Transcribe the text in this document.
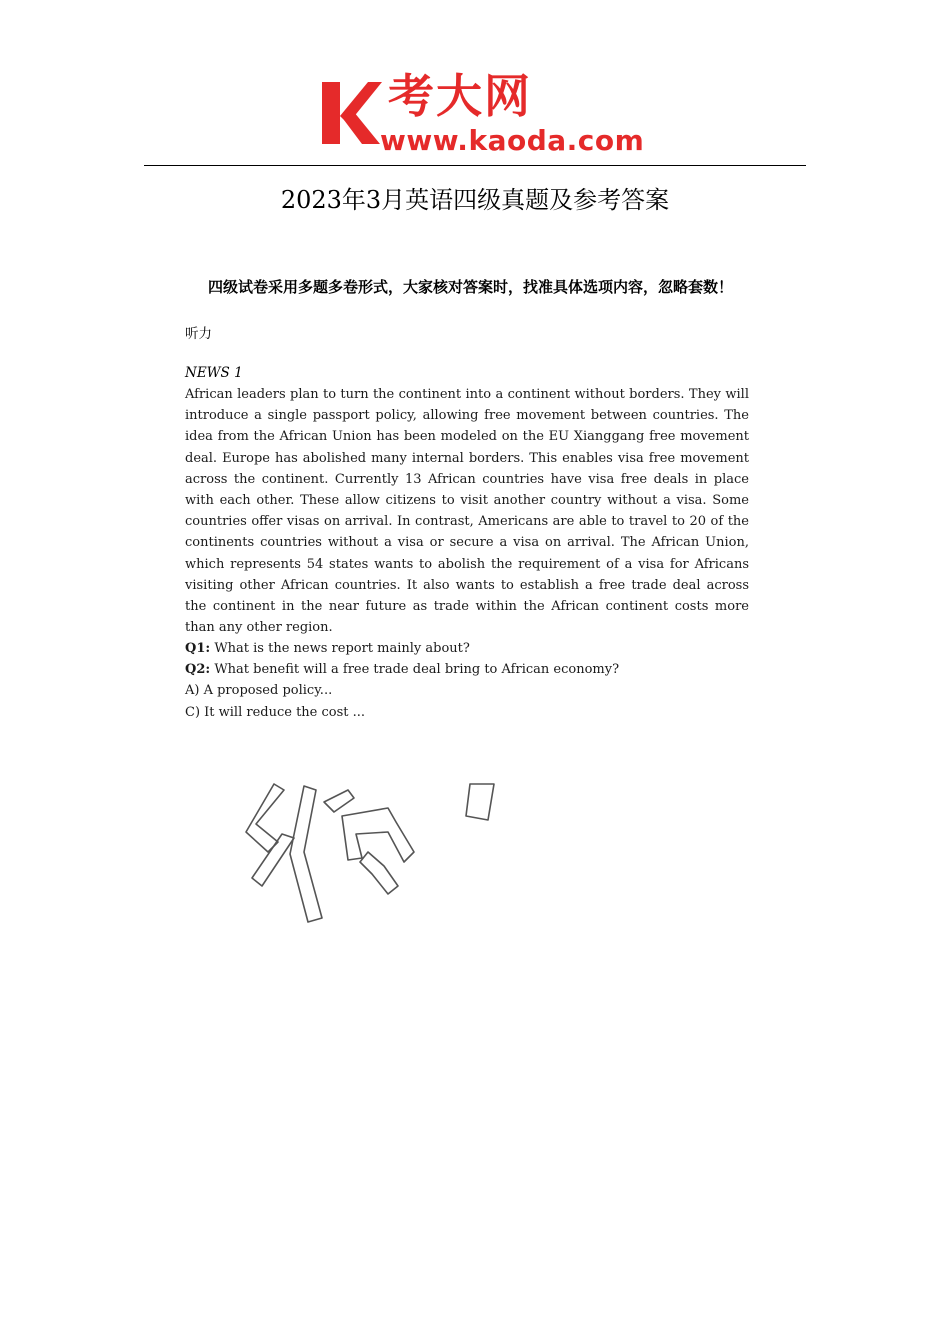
考大网
www.kaoda.com
2023年3月英语四级真题及参考答案
四级试卷采用多题多卷形式，大家核对答案时，找准具体选项内容，忽略套数！
听力
NEWS 1
African leaders plan to turn the continent into a continent without borders. They will introduce a single passport policy, allowing free movement between countries. The idea from the African Union has been modeled on the EU Xianggang free movement deal. Europe has abolished many internal borders. This enables visa free movement across the continent. Currently 13 African countries have visa free deals in place with each other. These allow citizens to visit another country without a visa. Some countries offer visas on arrival. In contrast, Americans are able to travel to 20 of the continents countries without a visa or secure a visa on arrival. The African Union, which represents 54 states wants to abolish the requirement of a visa for Africans visiting other African countries. It also wants to establish a free trade deal across the continent in the near future as trade within the African continent costs more than any other region.

Q1: What is the news report mainly about?

Q2: What benefit will a free trade deal bring to African economy?

A) A proposed policy...

C) It will reduce the cost ...
